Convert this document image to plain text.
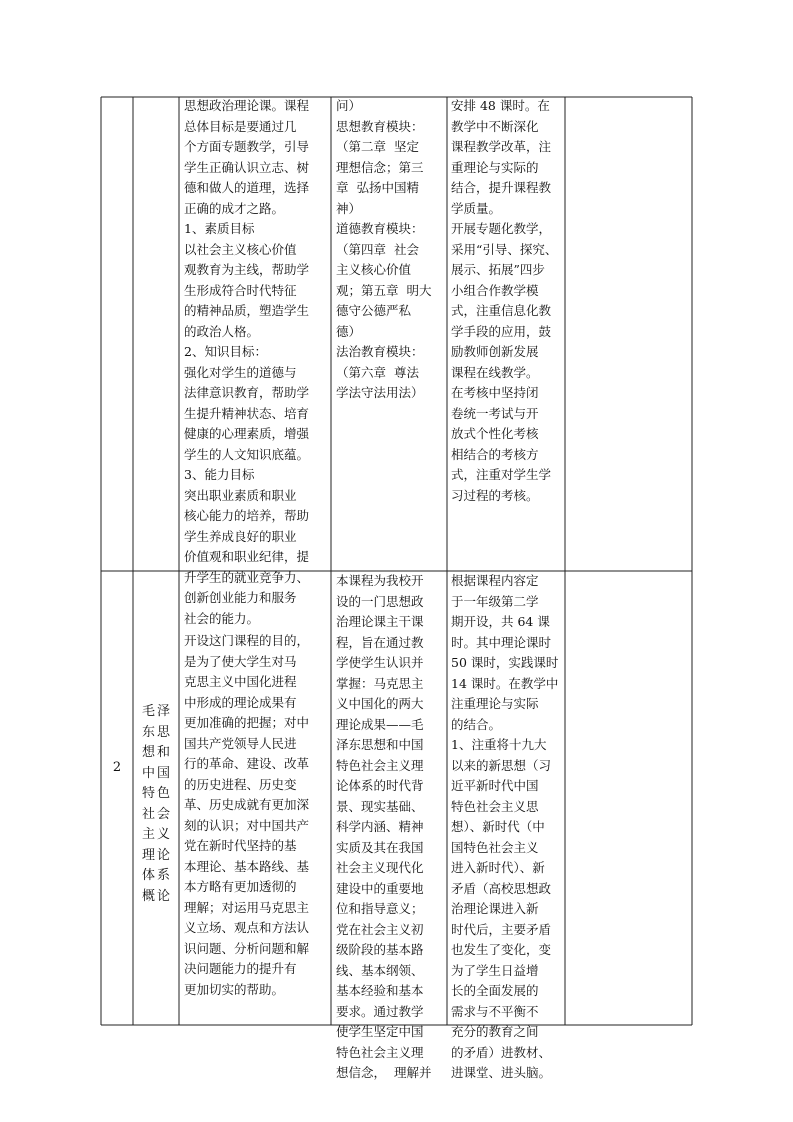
思想政治理论课。课程
总体目标是要通过几
个方面专题教学，引导
学生正确认识立志、树
德和做人的道理，选择
正确的成才之路。
1、素质目标
以社会主义核心价值
观教育为主线，帮助学
生形成符合时代特征
的精神品质，塑造学生
的政治人格。
2、知识目标：
强化对学生的道德与
法律意识教育，帮助学
生提升精神状态、培育
健康的心理素质，增强
学生的人文知识底蕴。
3、能力目标
突出职业素质和职业
核心能力的培养，帮助
学生养成良好的职业
价值观和职业纪律，提
升学生的就业竞争力、
创新创业能力和服务
社会的能力。
问）
思想教育模块：
（第二章  坚定
理想信念；第三
章  弘扬中国精
神）
道德教育模块：
（第四章  社会
主义核心价值
观；第五章  明大
德守公德严私
德）
法治教育模块：
（第六章  尊法
学法守法用法）
安排 48 课时。在
教学中不断深化
课程教学改革，注
重理论与实际的
结合，提升课程教
学质量。
开展专题化教学，
采用“引导、探究、
展示、拓展”四步
小组合作教学模
式，注重信息化教
学手段的应用，鼓
励教师创新发展
课程在线教学。
在考核中坚持闭
卷统一考试与开
放式个性化考核
相结合的考核方
式，注重对学生学
习过程的考核。
2
毛泽东思想和中国特色社会主义理论体系概论
开设这门课程的目的，
是为了使大学生对马
克思主义中国化进程
中形成的理论成果有
更加准确的把握；对中
国共产党领导人民进
行的革命、建设、改革
的历史进程、历史变
革、历史成就有更加深
刻的认识；对中国共产
党在新时代坚持的基
本理论、基本路线、基
本方略有更加透彻的
理解；对运用马克思主
义立场、观点和方法认
识问题、分析问题和解
决问题能力的提升有
更加切实的帮助。
本课程为我校开
设的一门思想政
治理论课主干课
程，旨在通过教
学使学生认识并
掌握：马克思主
义中国化的两大
理论成果——毛
泽东思想和中国
特色社会主义理
论体系的时代背
景、现实基础、
科学内涵、精神
实质及其在我国
社会主义现代化
建设中的重要地
位和指导意义；
党在社会主义初
级阶段的基本路
线、基本纲领、
基本经验和基本
要求。通过教学
使学生坚定中国
特色社会主义理
想信念，  理解并
根据课程内容定
于一年级第二学
期开设，共 64 课
时。其中理论课时
50 课时，实践课时
14 课时。在教学中
注重理论与实际
的结合。
1、注重将十九大
以来的新思想（习
近平新时代中国
特色社会主义思
想）、新时代（中
国特色社会主义
进入新时代）、新
矛盾（高校思想政
治理论课进入新
时代后，主要矛盾
也发生了变化，变
为了学生日益增
长的全面发展的
需求与不平衡不
充分的教育之间
的矛盾）进教材、
进课堂、进头脑。
